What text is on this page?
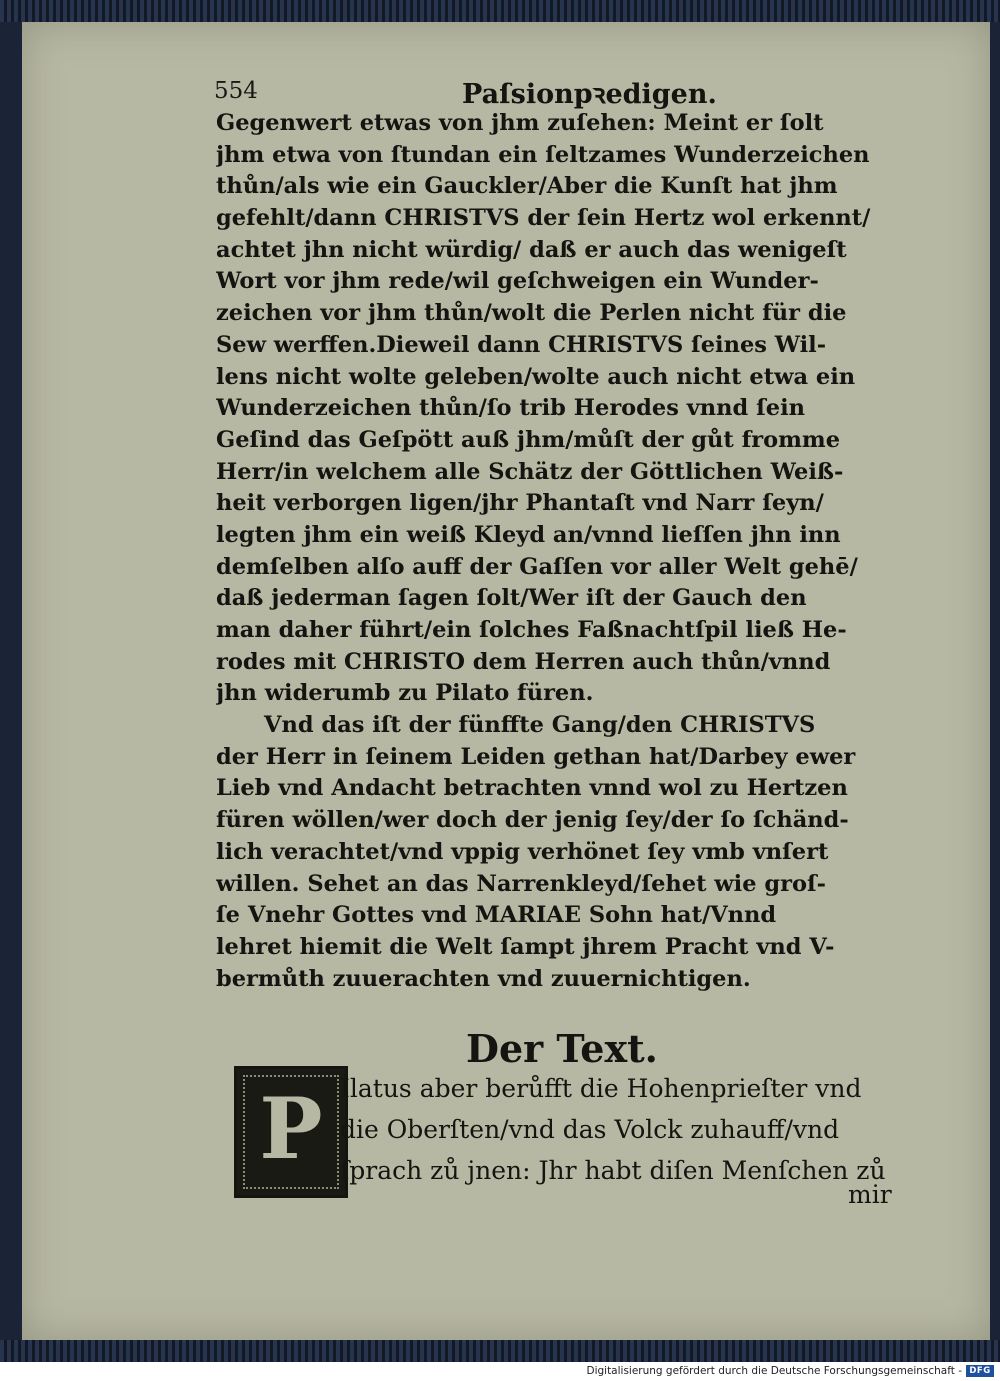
554	Paſsionpꝛedigen.
Gegenwert etwas von jhm zuſehen: Meint er ſolt
jhm etwa von ſtundan ein ſeltzames Wunderzeichen
thůn/als wie ein Gauckler/Aber die Kunſt hat jhm
gefehlt/dann CHRISTVS der ſein Hertz wol erkennt/
achtet jhn nicht würdig/ daß er auch das wenigeſt
Wort vor jhm rede/wil geſchweigen ein Wunder-
zeichen vor jhm thůn/wolt die Perlen nicht für die
Sew werffen.Dieweil dann CHRISTVS ſeines Wil-
lens nicht wolte geleben/wolte auch nicht etwa ein
Wunderzeichen thůn/ſo trib Herodes vnnd ſein
Geſind das Geſpött auß jhm/můſt der gůt fromme
Herr/in welchem alle Schätz der Göttlichen Weiß-
heit verborgen ligen/jhr Phantaſt vnd Narr ſeyn/
legten jhm ein weiß Kleyd an/vnnd lieſſen jhn inn
demſelben alſo auff der Gaſſen vor aller Welt gehē/
daß jederman ſagen ſolt/Wer iſt der Gauch den
man daher führt/ein ſolches Faßnachtſpil ließ He-
rodes mit CHRISTO dem Herren auch thůn/vnnd
jhn widerumb zu Pilato füren.
Vnd das iſt der fünffte Gang/den CHRISTVS
der Herr in ſeinem Leiden gethan hat/Darbey ewer
Lieb vnd Andacht betrachten vnnd wol zu Hertzen
füren wöllen/wer doch der jenig ſey/der ſo ſchänd-
lich verachtet/vnd vppig verhönet ſey vmb vnſert
willen. Sehet an das Narrenkleyd/ſehet wie groſ-
ſe Vnehr Gottes vnd MARIAE Sohn hat/Vnnd
lehret hiemit die Welt ſampt jhrem Pracht vnd V-
bermůth zuuerachten vnd zuuernichtigen.
Der Text.
P Ilatus aber berůfft die Hohenprieſter vnd
die Oberſten/vnd das Volck zuhauff/vnd
ſprach zů jnen: Jhr habt diſen Menſchen zů
mir
Digitalisierung gefördert durch die Deutsche Forschungsgemeinschaft - DFG
